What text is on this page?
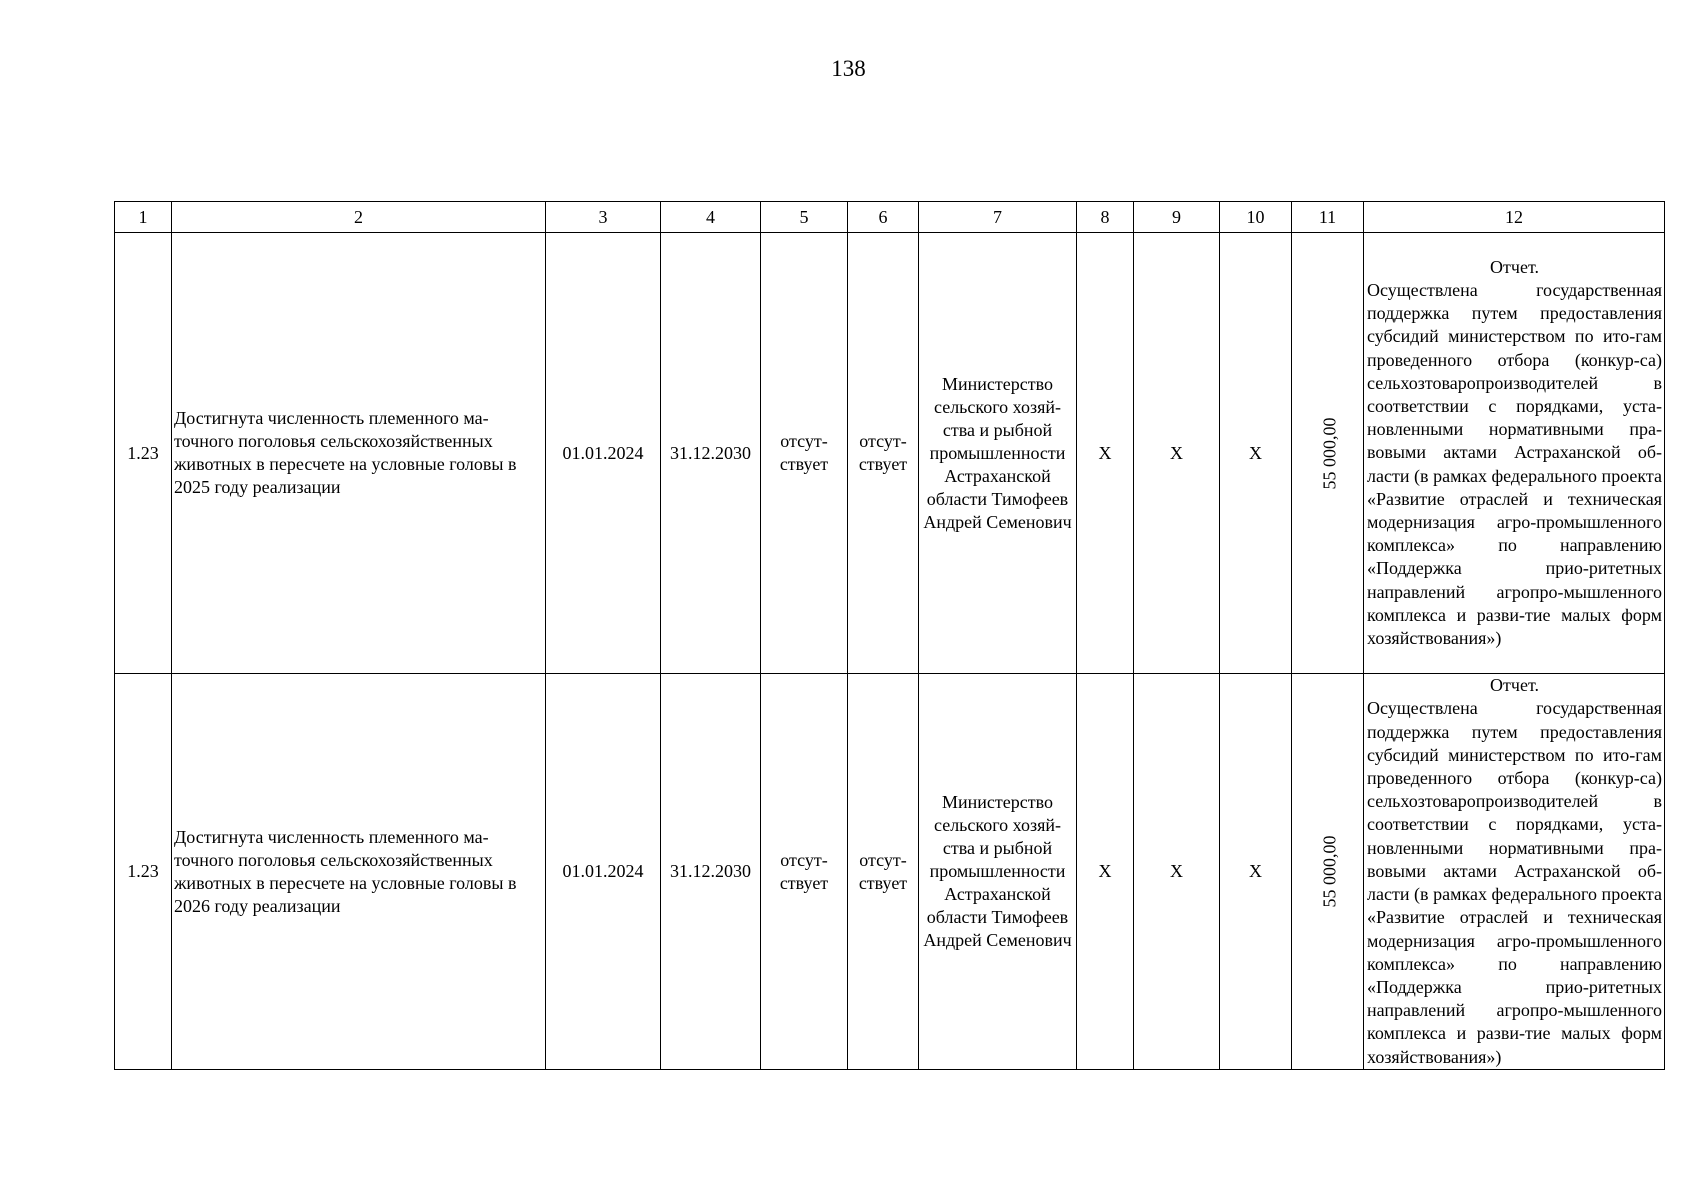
138
1	2	3	4	5	6	7	8	9	10	11	12
1.23	Достигнута численность племенного ма-точного поголовья сельскохозяйственных животных в пересчете на условные головы в 2025 году реализации	01.01.2024	31.12.2030	отсут-ствует	отсут-ствует	Министерство сельского хозяй-ства и рыбной промышленности Астраханской области Тимофеев Андрей Семенович	X	X	X	55 000,00	Отчет.
Осуществлена государственная поддержка путем предоставления субсидий министерством по ито-гам проведенного отбора (конкур-са) сельхозтоваропроизводителей в соответствии с порядками, уста-новленными нормативными пра-вовыми актами Астраханской об-ласти (в рамках федерального проекта «Развитие отраслей и техническая модернизация агро-промышленного комплекса» по направлению «Поддержка прио-ритетных направлений агропро-мышленного комплекса и разви-тие малых форм хозяйствования»)
1.23	Достигнута численность племенного ма-точного поголовья сельскохозяйственных животных в пересчете на условные головы в 2026 году реализации	01.01.2024	31.12.2030	отсут-ствует	отсут-ствует	Министерство сельского хозяй-ства и рыбной промышленности Астраханской области Тимофеев Андрей Семенович	X	X	X	55 000,00	Отчет.
Осуществлена государственная поддержка путем предоставления субсидий министерством по ито-гам проведенного отбора (конкур-са) сельхозтоваропроизводителей в соответствии с порядками, уста-новленными нормативными пра-вовыми актами Астраханской об-ласти (в рамках федерального проекта «Развитие отраслей и техническая модернизация агро-промышленного комплекса» по направлению «Поддержка прио-ритетных направлений агропро-мышленного комплекса и разви-тие малых форм хозяйствования»)
